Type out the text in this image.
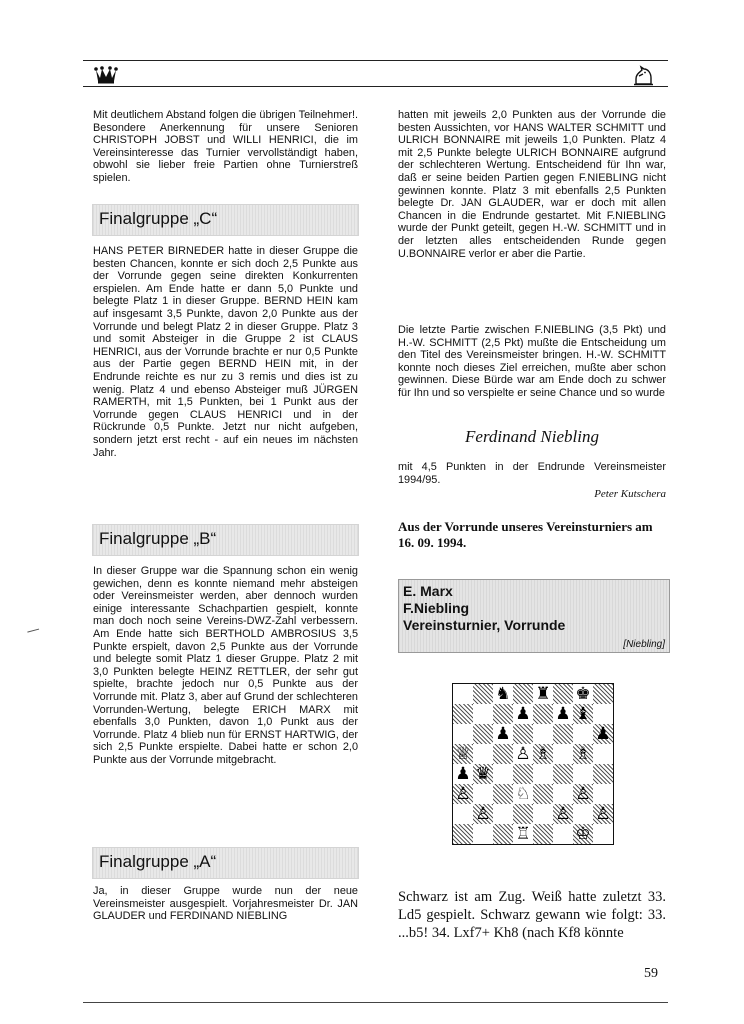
Mit deutlichem Abstand folgen die übrigen Teilnehmer!. Besondere Anerkennung für unsere Senioren CHRISTOPH JOBST und WILLI HENRICI, die im Vereinsinteresse das Turnier vervollständigt haben, obwohl sie lieber freie Partien ohne Turnierstreß spielen.

Finalgruppe „C“

HANS PETER BIRNEDER hatte in dieser Gruppe die besten Chancen, konnte er sich doch 2,5 Punkte aus der Vorrunde gegen seine direkten Konkurrenten erspielen. Am Ende hatte er dann 5,0 Punkte und belegte Platz 1 in dieser Gruppe. BERND HEIN kam auf insgesamt 3,5 Punkte, davon 2,0 Punkte aus der Vorrunde und belegt Platz 2 in dieser Gruppe. Platz 3 und somit Absteiger in die Gruppe 2 ist CLAUS HENRICI, aus der Vorrunde brachte er nur 0,5 Punkte aus der Partie gegen BERND HEIN mit, in der Endrunde reichte es nur zu 3 remis und dies ist zu wenig. Platz 4 und ebenso Absteiger muß JÜRGEN RAMERTH, mit 1,5 Punkten, bei 1 Punkt aus der Vorrunde gegen CLAUS HENRICI und in der Rückrunde 0,5 Punkte. Jetzt nur nicht aufgeben, sondern jetzt erst recht - auf ein neues im nächsten Jahr.

Finalgruppe „B“

In dieser Gruppe war die Spannung schon ein wenig gewichen, denn es konnte niemand mehr absteigen oder Vereinsmeister werden, aber dennoch wurden einige interessante Schachpartien gespielt, konnte man doch noch seine Vereins-DWZ-Zahl verbessern. Am Ende hatte sich BERTHOLD AMBROSIUS 3,5 Punkte erspielt, davon 2,5 Punkte aus der Vorrunde und belegte somit Platz 1 dieser Gruppe. Platz 2 mit 3,0 Punkten belegte HEINZ RETTLER, der sehr gut spielte, brachte jedoch nur 0,5 Punkte aus der Vorrunde mit. Platz 3, aber auf Grund der schlechteren Vorrunden-Wertung, belegte ERICH MARX mit ebenfalls 3,0 Punkten, davon 1,0 Punkt aus der Vorrunde. Platz 4 blieb nun für ERNST HARTWIG, der sich 2,5 Punkte erspielte. Dabei hatte er schon 2,0 Punkte aus der Vorrunde mitgebracht.

Finalgruppe „A“

Ja, in dieser Gruppe wurde nun der neue Vereinsmeister ausgespielt. Vorjahresmeister Dr. JAN GLAUDER und FERDINAND NIEBLING

hatten mit jeweils 2,0 Punkten aus der Vorrunde die besten Aussichten, vor HANS WALTER SCHMITT und ULRICH BONNAIRE mit jeweils 1,0 Punkten. Platz 4 mit 2,5 Punkte belegte ULRICH BONNAIRE aufgrund der schlechteren Wertung. Entscheidend für Ihn war, daß er seine beiden Partien gegen F.NIEBLING nicht gewinnen konnte. Platz 3 mit ebenfalls 2,5 Punkten belegte Dr. JAN GLAUDER, war er doch mit allen Chancen in die Endrunde gestartet. Mit F.NIEBLING wurde der Punkt geteilt, gegen H.-W. SCHMITT und in der letzten alles entscheidenden Runde gegen U.BONNAIRE verlor er aber die Partie.

Die letzte Partie zwischen F.NIEBLING (3,5 Pkt) und H.-W. SCHMITT (2,5 Pkt) mußte die Entscheidung um den Titel des Vereinsmeister bringen. H.-W. SCHMITT konnte noch dieses Ziel erreichen, mußte aber schon gewinnen. Diese Bürde war am Ende doch zu schwer für Ihn und so verspielte er seine Chance und so wurde

Ferdinand Niebling

mit 4,5 Punkten in der Endrunde Vereinsmeister 1994/95.

Peter Kutschera
Aus der Vorrunde unseres Vereinsturniers am 16. 09. 1994.
E. Marx
F.Niebling
Vereinsturnier, Vorrunde
[Niebling]
♞ ♜ ♚
♟ ♟ ♝
♟	♟
♕	♙ ♗ ♗
♟ ♛
♙	♘	♙
♙	♙ ♙
♖	♔

Schwarz ist am Zug. Weiß hatte zuletzt 33. Ld5 gespielt. Schwarz gewann wie folgt: 33. ...b5! 34. Lxf7+ Kh8 (nach Kf8 könnte

59
